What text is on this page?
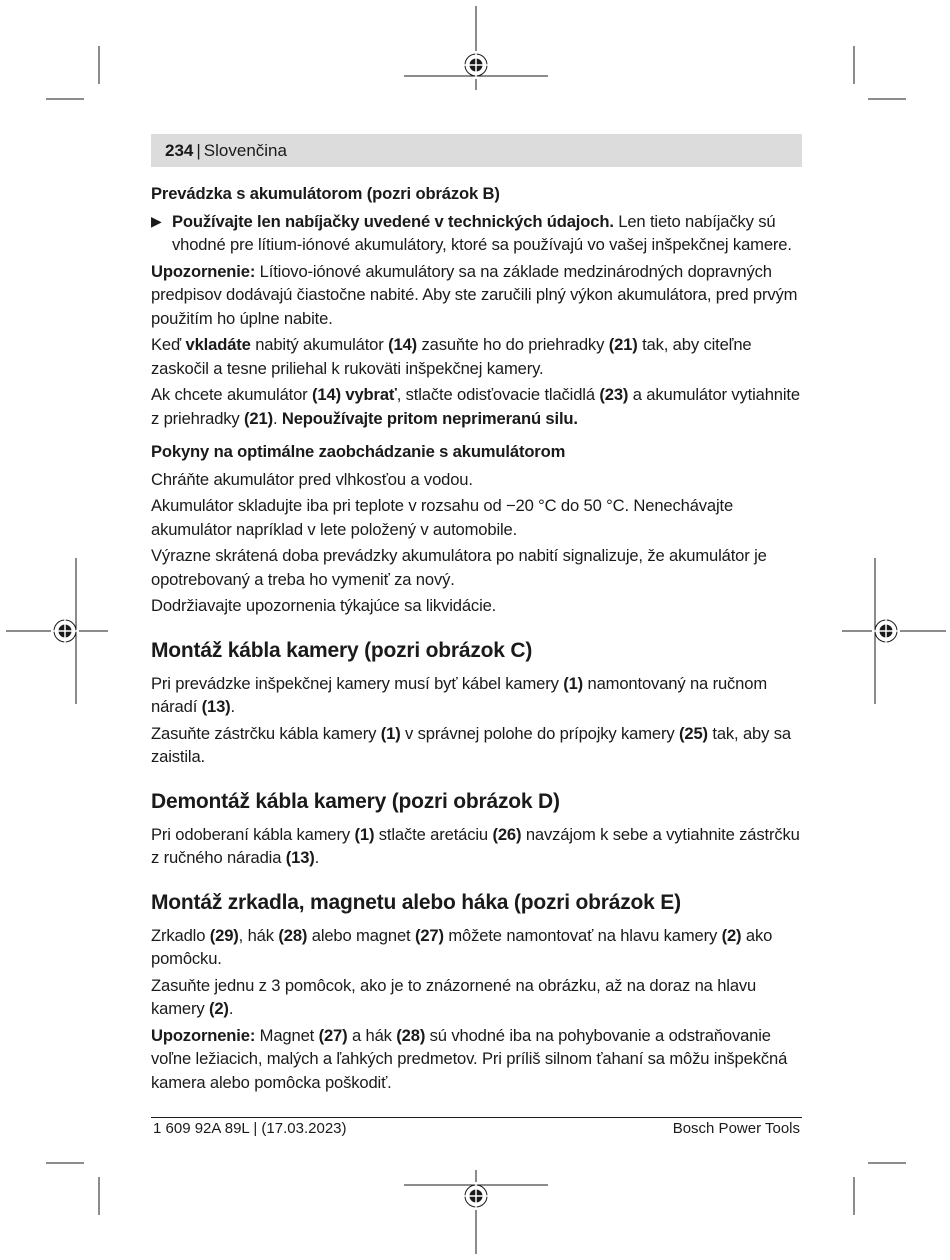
234 | Slovenčina
Prevádzka s akumulátorom (pozri obrázok B)
▶ Používajte len nabíjačky uvedené v technických údajoch. Len tieto nabíjačky sú vhodné pre lítium-iónové akumulátory, ktoré sa používajú vo vašej inšpekčnej kamere.

Upozornenie: Lítiovo-iónové akumulátory sa na základe medzinárodných dopravných predpisov dodávajú čiastočne nabité. Aby ste zaručili plný výkon akumulátora, pred prvým použitím ho úplne nabite.

Keď vkladáte nabitý akumulátor (14) zasuňte ho do priehradky (21) tak, aby citeľne zaskočil a tesne priliehal k rukoväti inšpekčnej kamery.

Ak chcete akumulátor (14) vybrať, stlačte odisťovacie tlačidlá (23) a akumulátor vytiahnite z priehradky (21). Nepoužívajte pritom neprimeranú silu.

Pokyny na optimálne zaobchádzanie s akumulátorom

Chráňte akumulátor pred vlhkosťou a vodou.

Akumulátor skladujte iba pri teplote v rozsahu od −20 °C do 50 °C. Nenechávajte akumulátor napríklad v lete položený v automobile.

Výrazne skrátená doba prevádzky akumulátora po nabití signalizuje, že akumulátor je opotrebovaný a treba ho vymeniť za nový.

Dodržiavajte upozornenia týkajúce sa likvidácie.

Montáž kábla kamery (pozri obrázok C)

Pri prevádzke inšpekčnej kamery musí byť kábel kamery (1) namontovaný na ručnom náradí (13).

Zasuňte zástrčku kábla kamery (1) v správnej polohe do prípojky kamery (25) tak, aby sa zaistila.

Demontáž kábla kamery (pozri obrázok D)

Pri odoberaní kábla kamery (1) stlačte aretáciu (26) navzájom k sebe a vytiahnite zástrčku z ručného náradia (13).

Montáž zrkadla, magnetu alebo háka (pozri obrázok E)

Zrkadlo (29), hák (28) alebo magnet (27) môžete namontovať na hlavu kamery (2) ako pomôcku.

Zasuňte jednu z 3 pomôcok, ako je to znázornené na obrázku, až na doraz na hlavu kamery (2).

Upozornenie: Magnet (27) a hák (28) sú vhodné iba na pohybovanie a odstraňovanie voľne ležiacich, malých a ľahkých predmetov. Pri príliš silnom ťahaní sa môžu inšpekčná kamera alebo pomôcka poškodiť.

1 609 92A 89L | (17.03.2023)	Bosch Power Tools
